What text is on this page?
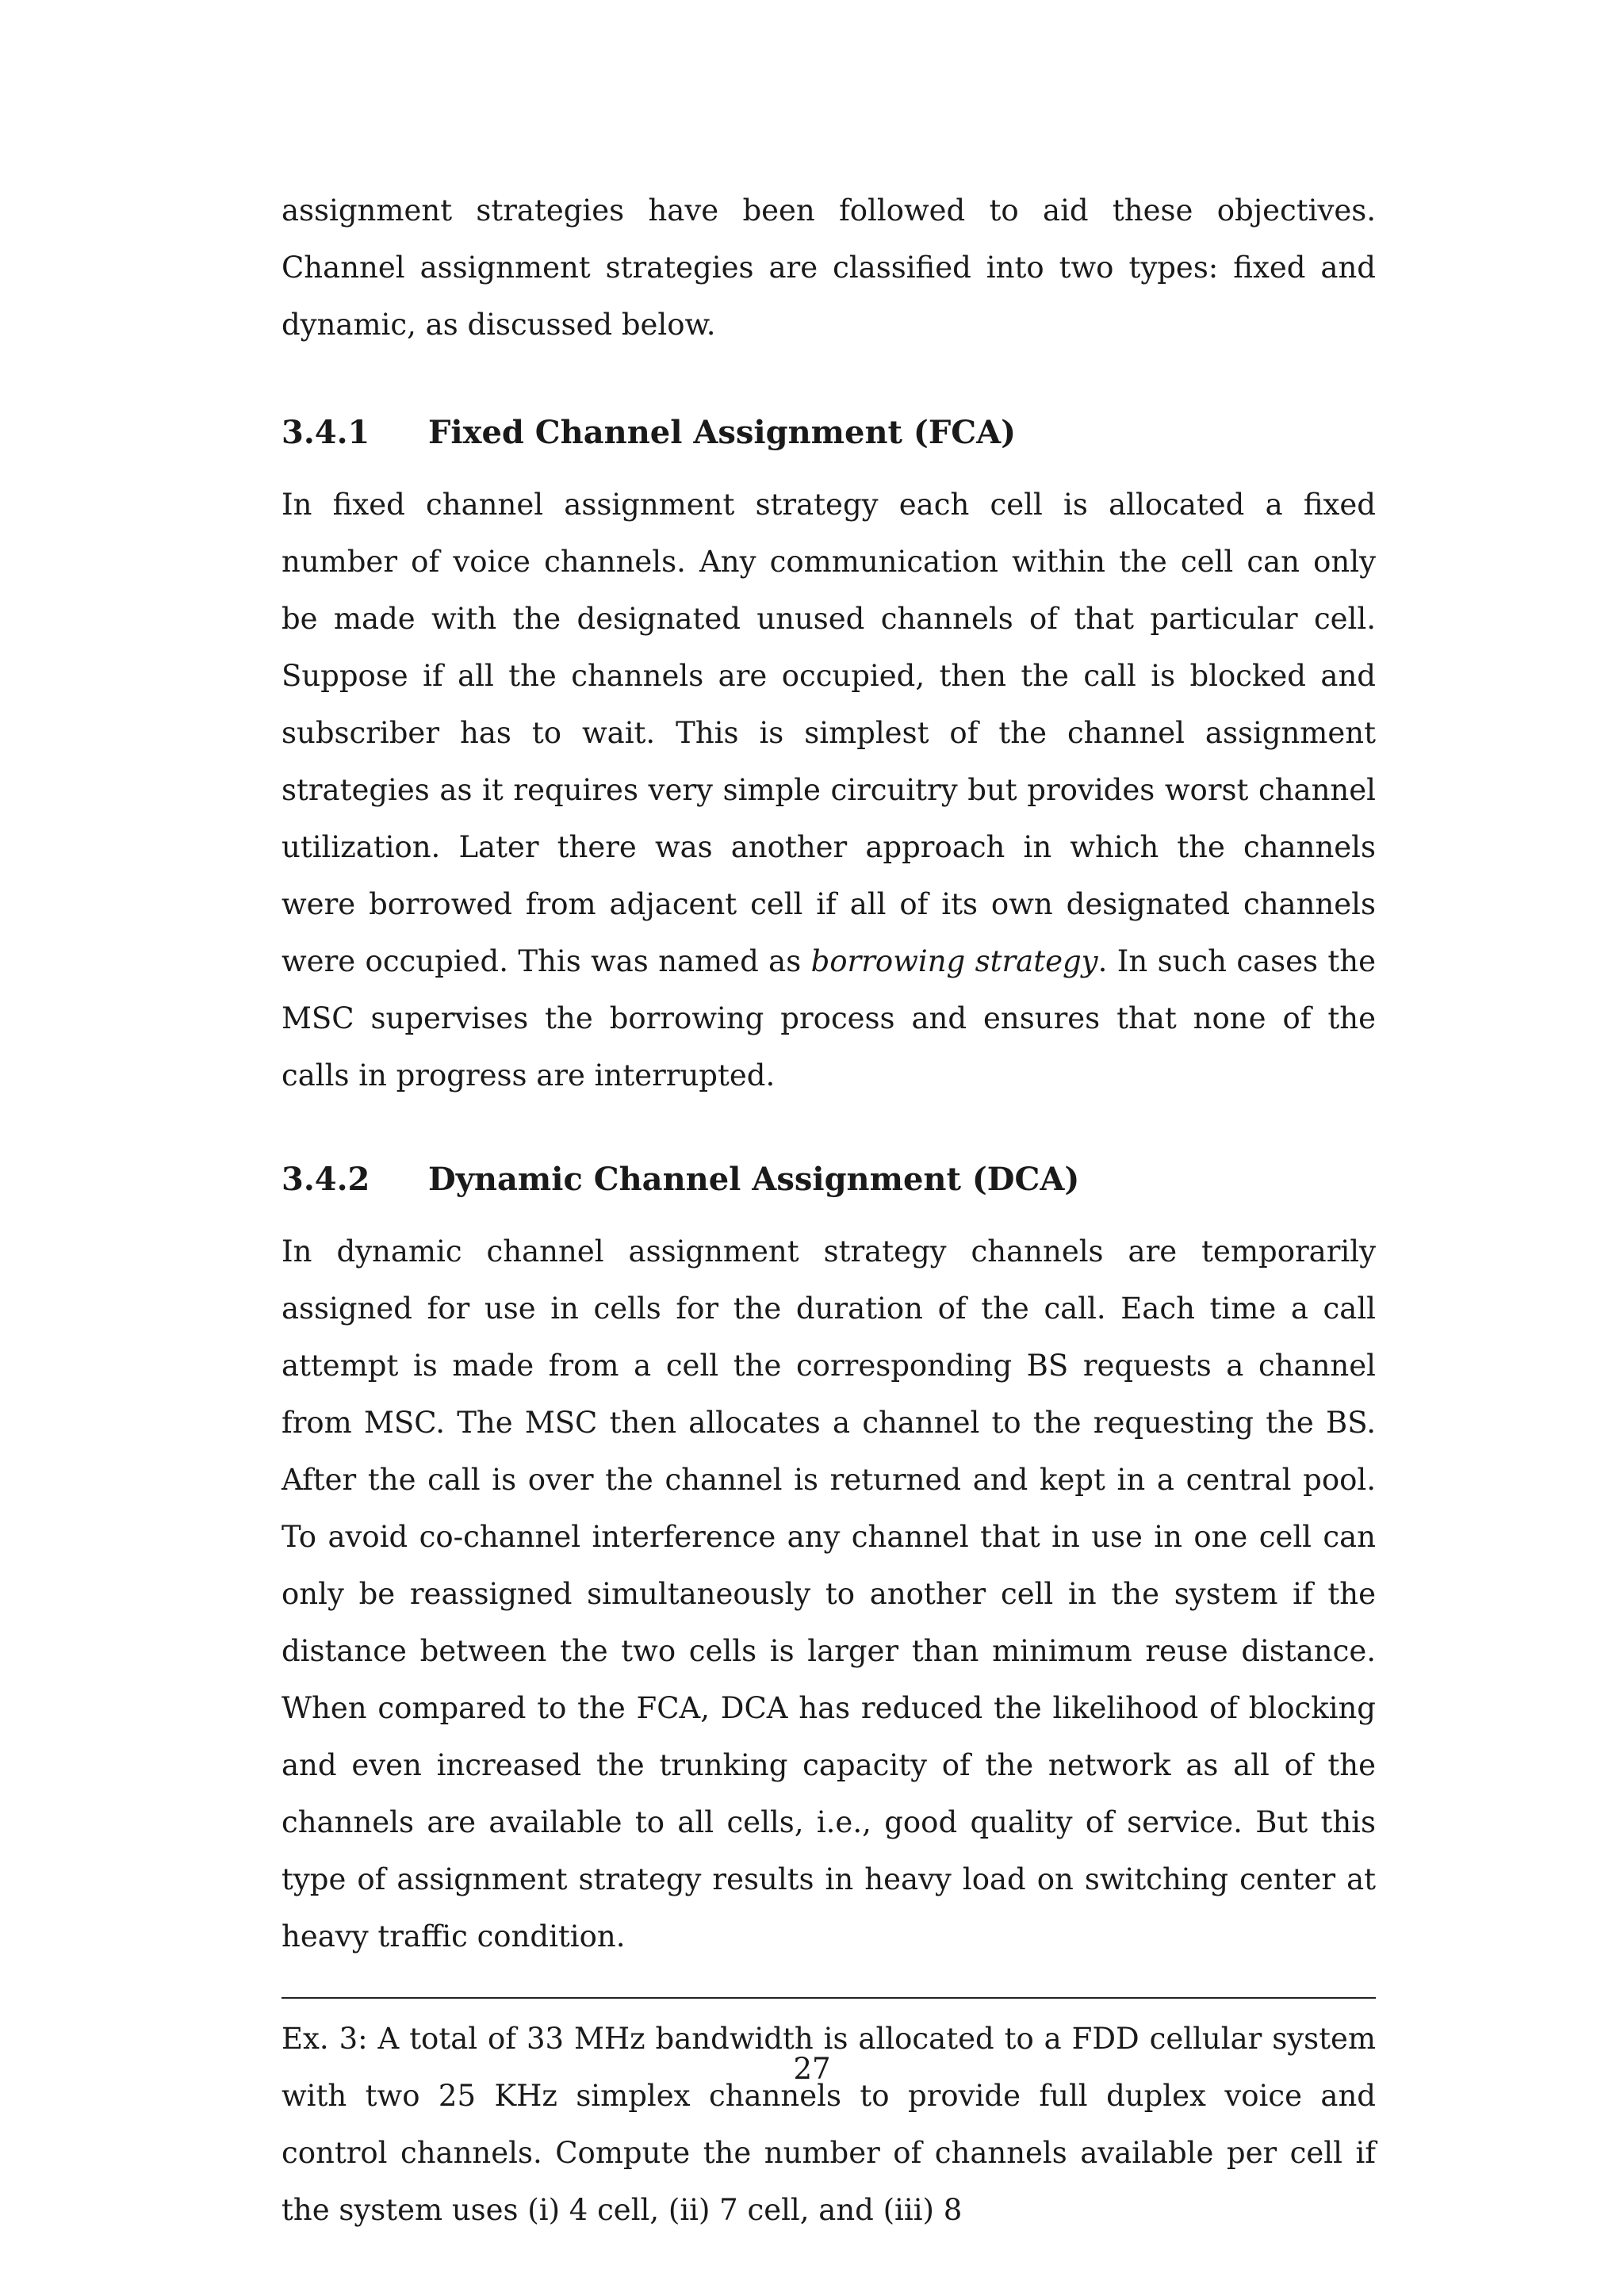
assignment strategies have been followed to aid these objectives. Channel assignment strategies are classified into two types: fixed and dynamic, as discussed below.

3.4.1	Fixed Channel Assignment (FCA)

In fixed channel assignment strategy each cell is allocated a fixed number of voice channels. Any communication within the cell can only be made with the designated unused channels of that particular cell. Suppose if all the channels are occupied, then the call is blocked and subscriber has to wait. This is simplest of the channel assignment strategies as it requires very simple circuitry but provides worst channel utilization. Later there was another approach in which the channels were borrowed from adjacent cell if all of its own designated channels were occupied. This was named as borrowing strategy. In such cases the MSC supervises the borrowing process and ensures that none of the calls in progress are interrupted.

3.4.2	Dynamic Channel Assignment (DCA)

In dynamic channel assignment strategy channels are temporarily assigned for use in cells for the duration of the call. Each time a call attempt is made from a cell the corresponding BS requests a channel from MSC. The MSC then allocates a channel to the requesting the BS. After the call is over the channel is returned and kept in a central pool. To avoid co-channel interference any channel that in use in one cell can only be reassigned simultaneously to another cell in the system if the distance between the two cells is larger than minimum reuse distance. When compared to the FCA, DCA has reduced the likelihood of blocking and even increased the trunking capacity of the network as all of the channels are available to all cells, i.e., good quality of service. But this type of assignment strategy results in heavy load on switching center at heavy traffic condition.

Ex. 3: A total of 33 MHz bandwidth is allocated to a FDD cellular system with two 25 KHz simplex channels to provide full duplex voice and control channels. Compute the number of channels available per cell if the system uses (i) 4 cell, (ii) 7 cell, and (iii) 8

27
